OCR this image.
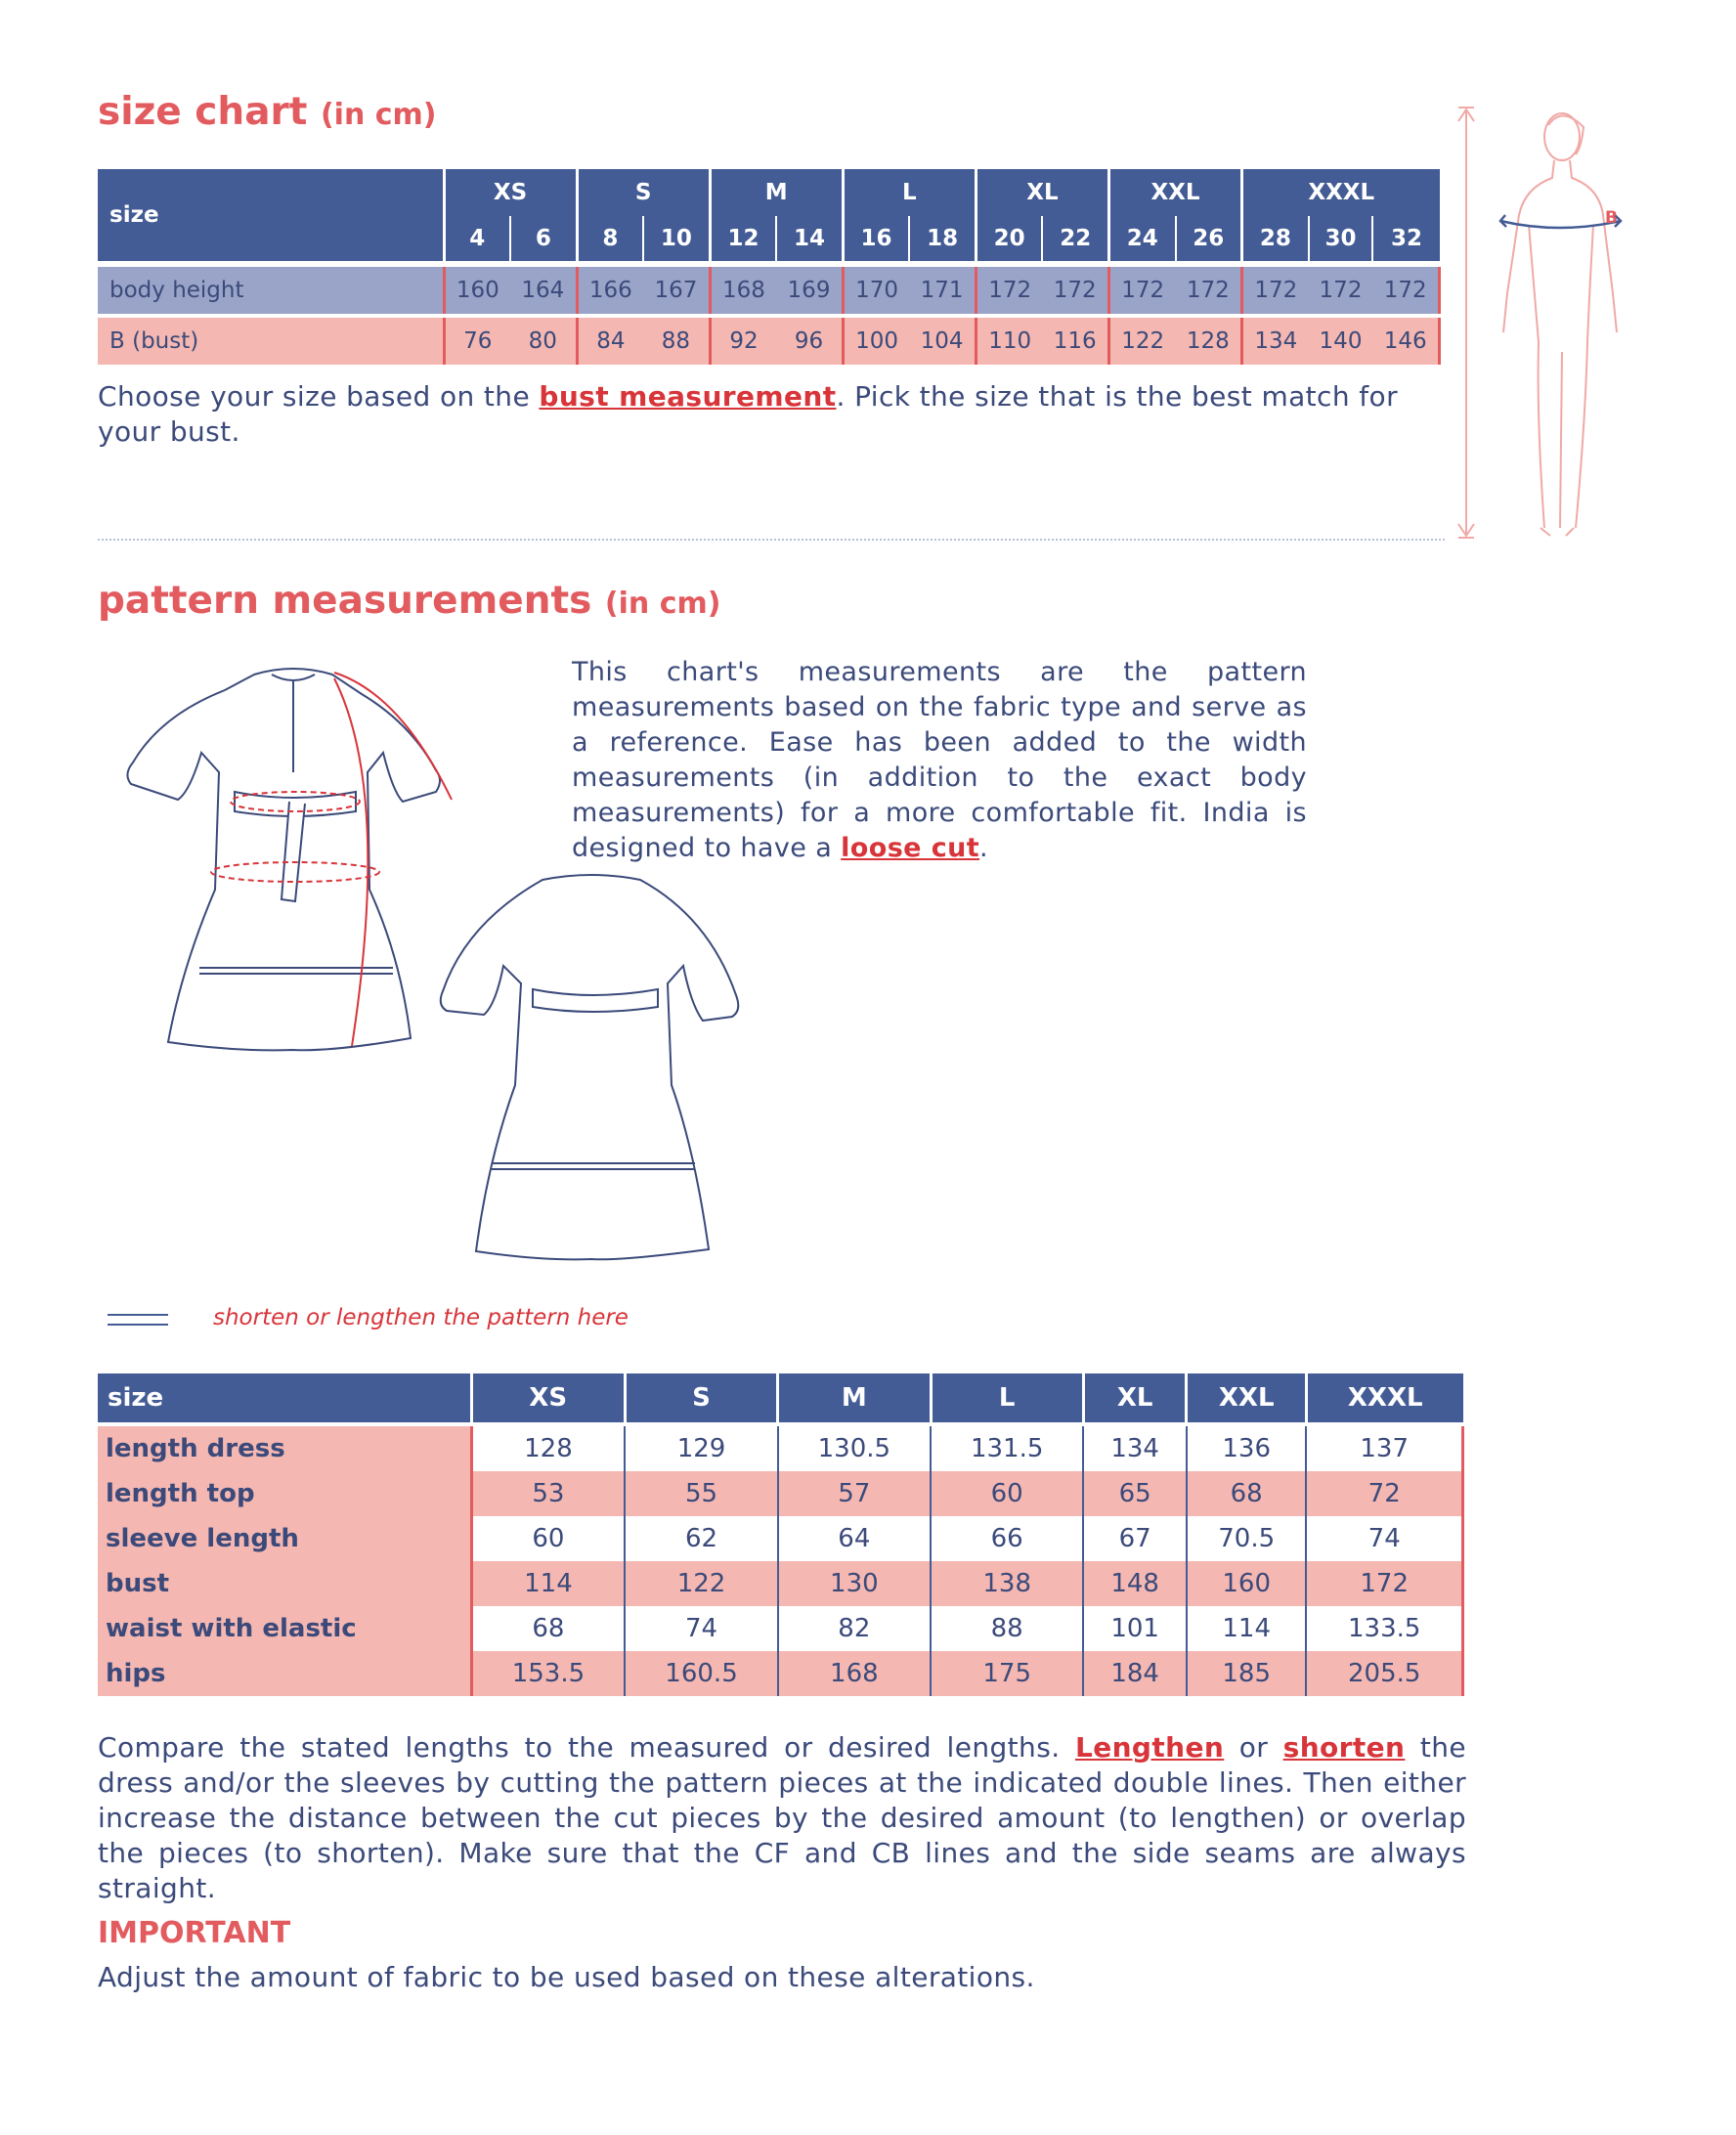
size chart (in cm)
size	XS		S		M		L		XL		XXL		XXXL		
	4	6	8	10	12	14	16	18	20	22	24	26	28	30	32

body height	160	164	166	167	168	169	170	171	172	172	172	172	172	172	172

B (bust)	76	80	84	88	92	96	100	104	110	116	122	128	134	140	146
Choose your size based on the bust measurement. Pick the size that is the best match for your bust.
B
pattern measurements (in cm)
This chart's measurements are the pattern measurements based on the fabric type and serve as a reference. Ease has been added to the width measurements (in addition to the exact body measurements) for a more comfortable fit. India is designed to have a loose cut.
shorten or lengthen the pattern here
size	XS	S	M	L	XL	XXL	XXXL

length dress	128	129	130.5	131.5	134	136	137
length top	53	55	57	60	65	68	72
sleeve length	60	62	64	66	67	70.5	74
bust	114	122	130	138	148	160	172
waist with elastic	68	74	82	88	101	114	133.5
hips	153.5	160.5	168	175	184	185	205.5
Compare the stated lengths to the measured or desired lengths. Lengthen or shorten the dress and/or the sleeves by cutting the pattern pieces at the indicated double lines. Then either increase the distance between the cut pieces by the desired amount (to lengthen) or overlap the pieces (to shorten). Make sure that the CF and CB lines and the side seams are always straight.
IMPORTANT
Adjust the amount of fabric to be used based on these alterations.
